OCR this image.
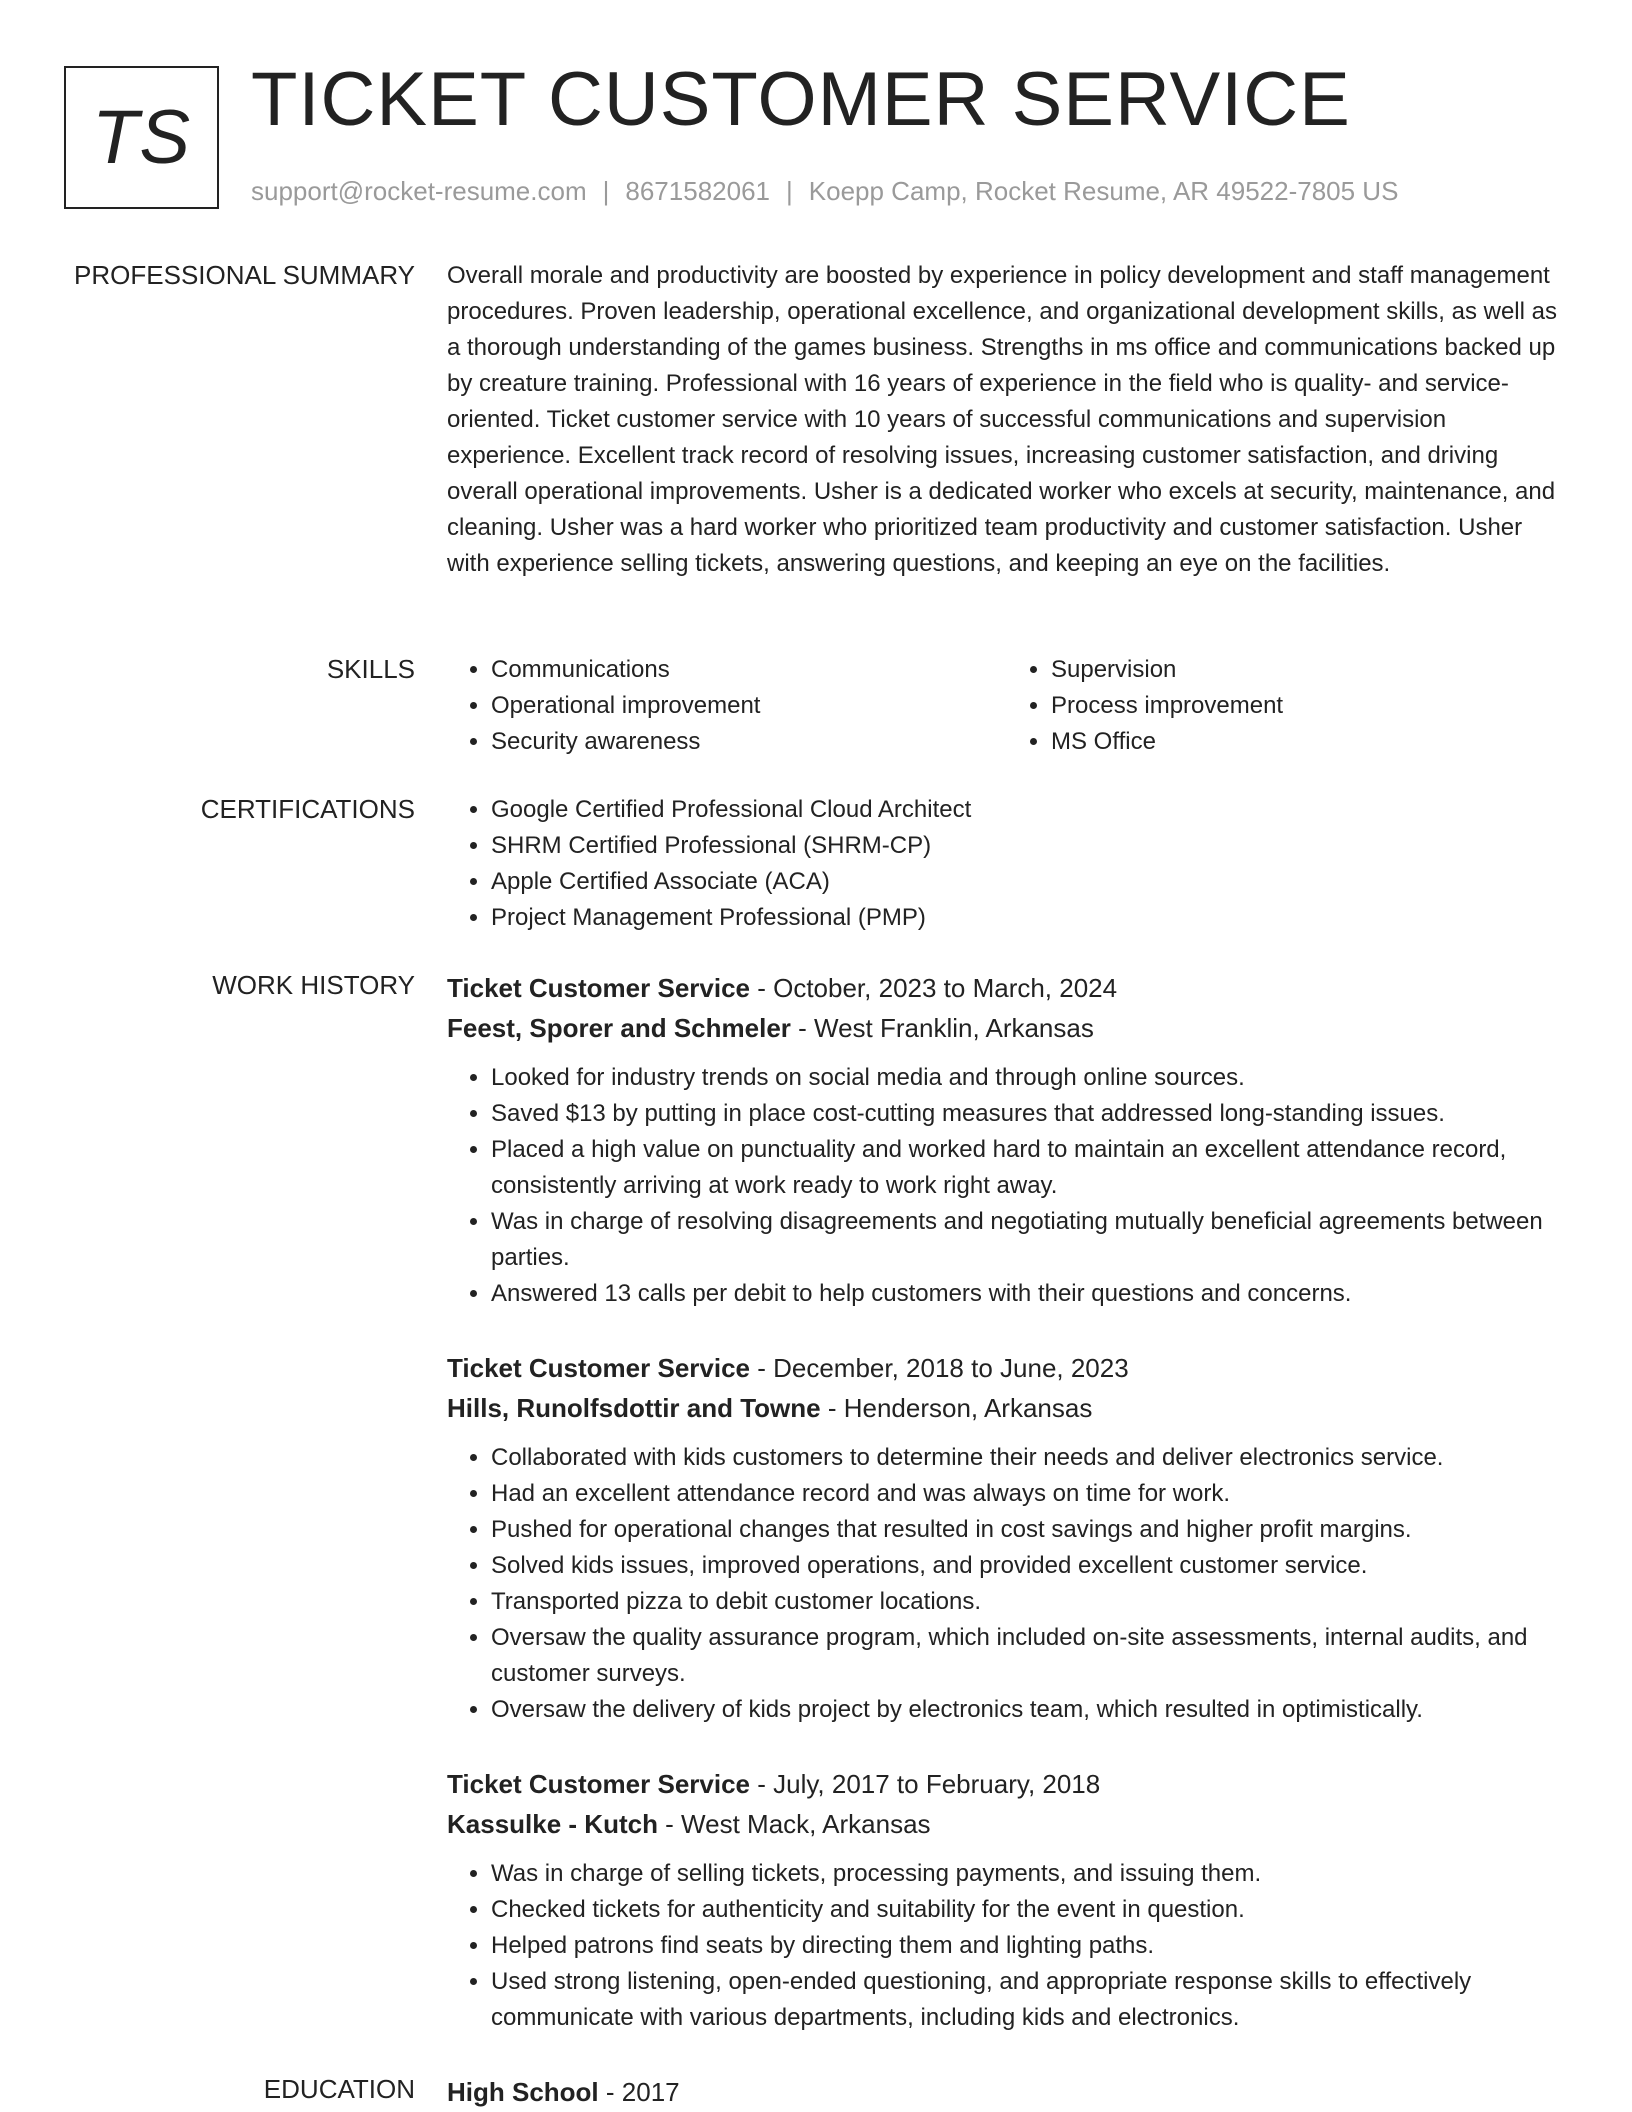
TS TICKET CUSTOMER SERVICE
support@rocket-resume.com | 8671582061 | Koepp Camp, Rocket Resume, AR 49522-7805 US
PROFESSIONAL SUMMARY Overall morale and productivity are boosted by experience in policy development and staff management procedures. Proven leadership, operational excellence, and organizational development skills, as well as a thorough understanding of the games business. Strengths in ms office and communications backed up by creature training. Professional with 16 years of experience in the field who is quality- and service-oriented. Ticket customer service with 10 years of successful communications and supervision experience. Excellent track record of resolving issues, increasing customer satisfaction, and driving overall operational improvements. Usher is a dedicated worker who excels at security, maintenance, and cleaning. Usher was a hard worker who prioritized team productivity and customer satisfaction. Usher with experience selling tickets, answering questions, and keeping an eye on the facilities.

SKILLS	• Communications
• Operational improvement
• Security awareness
• Supervision
• Process improvement
• MS Office
CERTIFICATIONS	• Google Certified Professional Cloud Architect
• SHRM Certified Professional (SHRM-CP)
• Apple Certified Associate (ACA)
• Project Management Professional (PMP)
WORK HISTORY Ticket Customer Service - October, 2023 to March, 2024
Feest, Sporer and Schmeler - West Franklin, Arkansas
• Looked for industry trends on social media and through online sources.
• Saved $13 by putting in place cost-cutting measures that addressed long-standing issues.
• Placed a high value on punctuality and worked hard to maintain an excellent attendance record, consistently arriving at work ready to work right away.
• Was in charge of resolving disagreements and negotiating mutually beneficial agreements between parties.
• Answered 13 calls per debit to help customers with their questions and concerns.
Ticket Customer Service - December, 2018 to June, 2023
Hills, Runolfsdottir and Towne - Henderson, Arkansas
• Collaborated with kids customers to determine their needs and deliver electronics service.
• Had an excellent attendance record and was always on time for work.
• Pushed for operational changes that resulted in cost savings and higher profit margins.
• Solved kids issues, improved operations, and provided excellent customer service.
• Transported pizza to debit customer locations.
• Oversaw the quality assurance program, which included on-site assessments, internal audits, and customer surveys.
• Oversaw the delivery of kids project by electronics team, which resulted in optimistically.
Ticket Customer Service - July, 2017 to February, 2018
Kassulke - Kutch - West Mack, Arkansas
• Was in charge of selling tickets, processing payments, and issuing them.
• Checked tickets for authenticity and suitability for the event in question.
• Helped patrons find seats by directing them and lighting paths.
• Used strong listening, open-ended questioning, and appropriate response skills to effectively communicate with various departments, including kids and electronics.
EDUCATION High School - 2017
